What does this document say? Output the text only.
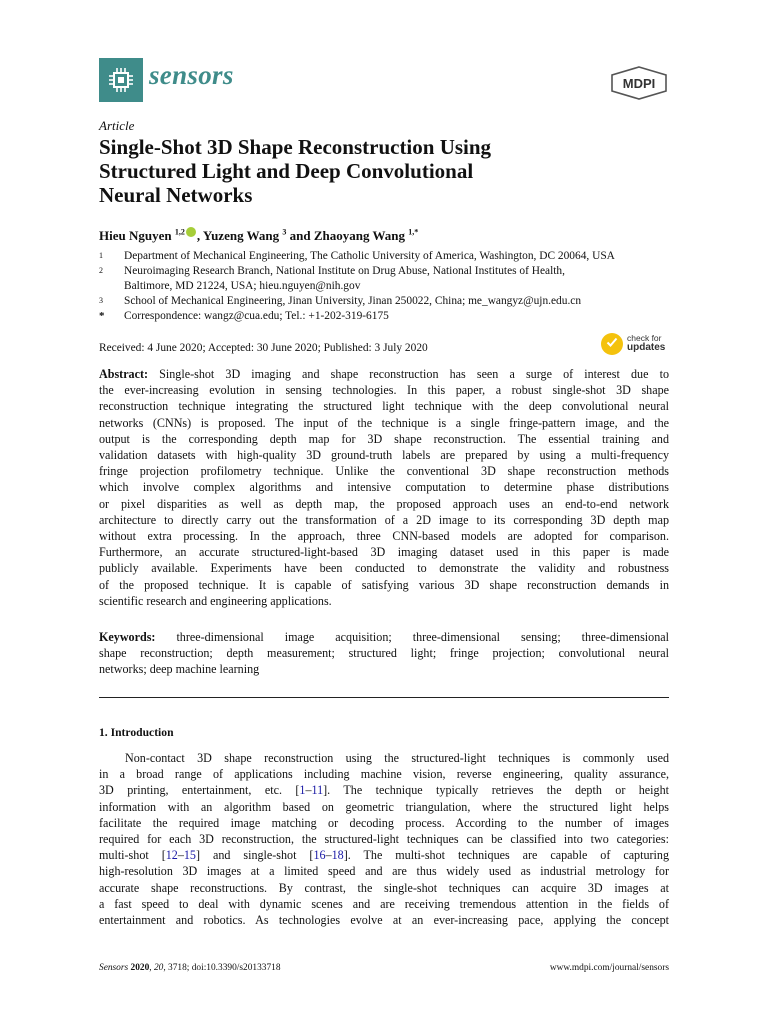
sensors	MDPI
Article
Single-Shot 3D Shape Reconstruction Using
Structured Light and Deep Convolutional
Neural Networks
Hieu Nguyen $^{1,2}$ , Yuzeng Wang $^3$ and Zhaoyang Wang $^{1,*}$
1	Department of Mechanical Engineering, The Catholic University of America, Washington, DC 20064, USA
2	Neuroimaging Research Branch, National Institute on Drug Abuse, National Institutes of Health,
Baltimore, MD 21224, USA; hieu.nguyen@nih.gov
3	School of Mechanical Engineering, Jinan University, Jinan 250022, China; me_wangyz@ujn.edu.cn
*	Correspondence: wangz@cua.edu; Tel.: +1-202-319-6175
Received: 4 June 2020; Accepted: 30 June 2020; Published: 3 July 2020
check for
updates
Abstract: Single-shot 3D imaging and shape reconstruction has seen a surge of interest due to
the ever-increasing evolution in sensing technologies. In this paper, a robust single-shot 3D shape
reconstruction technique integrating the structured light technique with the deep convolutional neural
networks (CNNs) is proposed. The input of the technique is a single fringe-pattern image, and the
output is the corresponding depth map for 3D shape reconstruction. The essential training and
validation datasets with high-quality 3D ground-truth labels are prepared by using a multi-frequency
fringe projection profilometry technique. Unlike the conventional 3D shape reconstruction methods
which involve complex algorithms and intensive computation to determine phase distributions
or pixel disparities as well as depth map, the proposed approach uses an end-to-end network
architecture to directly carry out the transformation of a 2D image to its corresponding 3D depth map
without extra processing. In the approach, three CNN-based models are adopted for comparison.
Furthermore, an accurate structured-light-based 3D imaging dataset used in this paper is made
publicly available. Experiments have been conducted to demonstrate the validity and robustness
of the proposed technique. It is capable of satisfying various 3D shape reconstruction demands in
scientific research and engineering applications.
Keywords: three-dimensional image acquisition; three-dimensional sensing; three-dimensional
shape reconstruction; depth measurement; structured light; fringe projection; convolutional neural
networks; deep machine learning
1. Introduction
Non-contact 3D shape reconstruction using the structured-light techniques is commonly used
in a broad range of applications including machine vision, reverse engineering, quality assurance,
3D printing, entertainment, etc. [1–11]. The technique typically retrieves the depth or height
information with an algorithm based on geometric triangulation, where the structured light helps
facilitate the required image matching or decoding process. According to the number of images
required for each 3D reconstruction, the structured-light techniques can be classified into two categories:
multi-shot [12–15] and single-shot [16–18]. The multi-shot techniques are capable of capturing
high-resolution 3D images at a limited speed and are thus widely used as industrial metrology for
accurate shape reconstructions. By contrast, the single-shot techniques can acquire 3D images at
a fast speed to deal with dynamic scenes and are receiving tremendous attention in the fields of
entertainment and robotics. As technologies evolve at an ever-increasing pace, applying the concept
Sensors 2020, 20, 3718; doi:10.3390/s20133718	www.mdpi.com/journal/sensors
